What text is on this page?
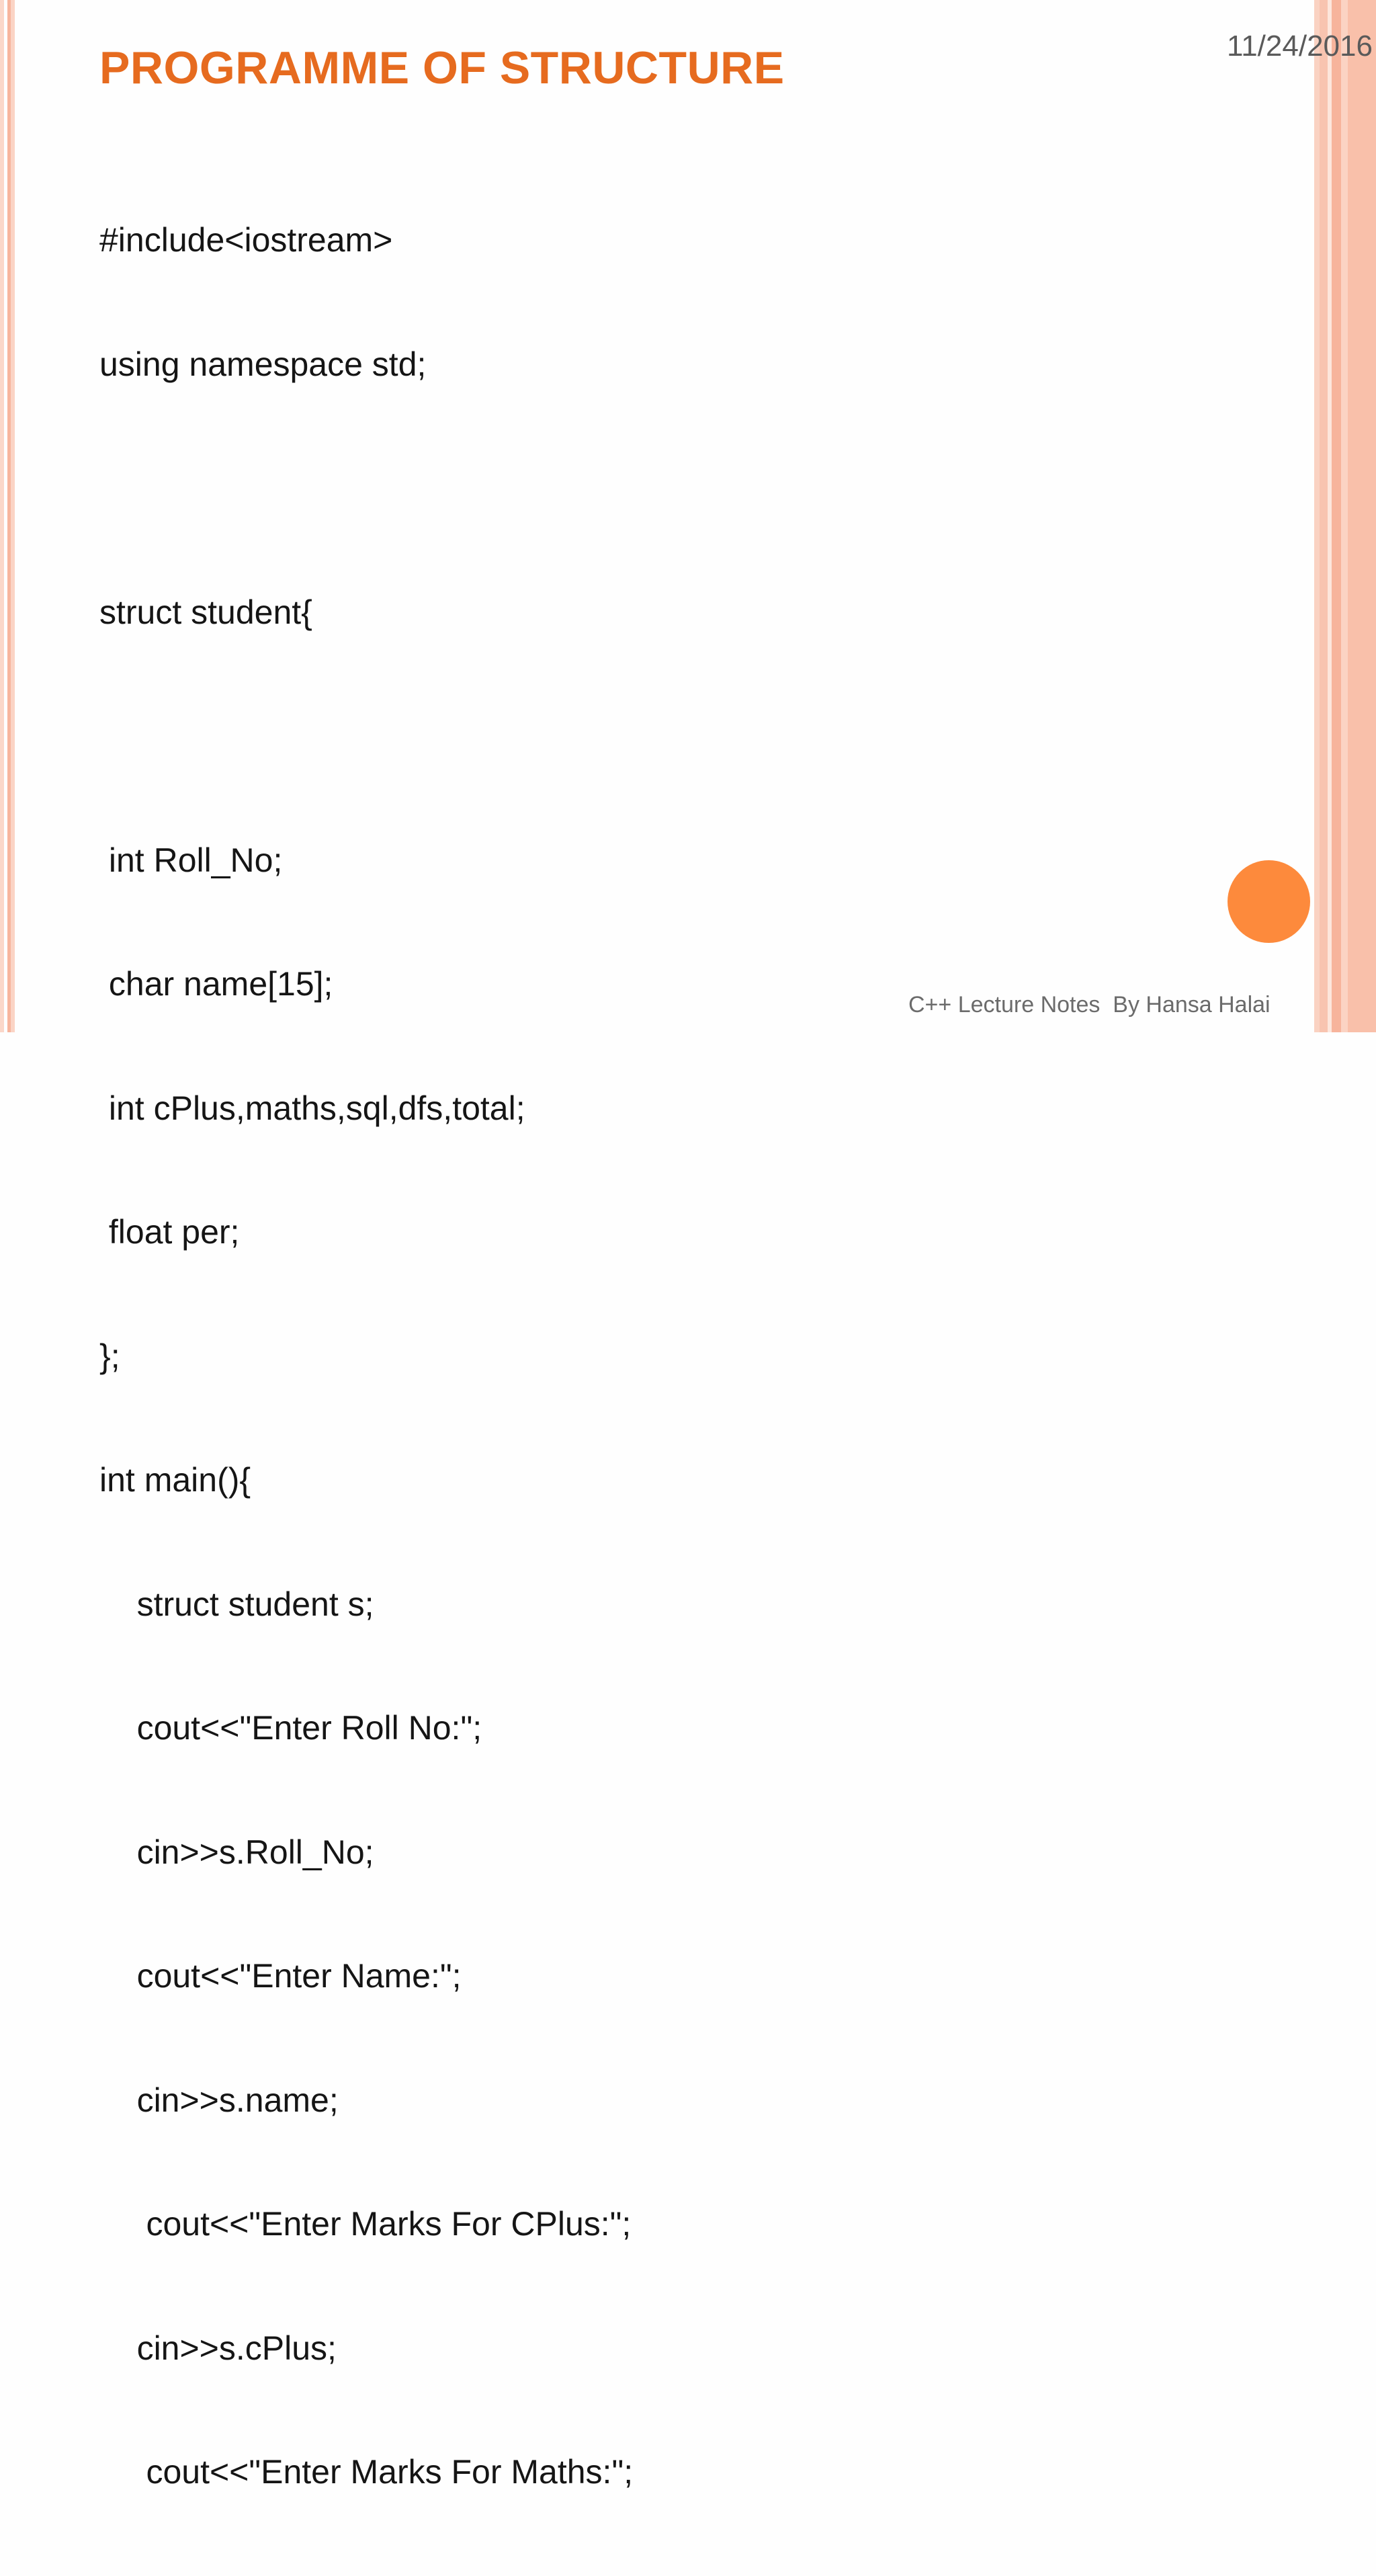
PROGRAMME OF STRUCTURE	11/24/2016

#include<iostream>

using namespace std;

struct student{

int Roll_No;

char name[15];

int cPlus,maths,sql,dfs,total;

float per;

};

int main(){

struct student s;

cout<<"Enter Roll No:";

cin>>s.Roll_No;

cout<<"Enter Name:";

cin>>s.name;

cout<<"Enter Marks For CPlus:";

cin>>s.cPlus;

cout<<"Enter Marks For Maths:";

C++ Lecture Notes  By Hansa Halai
